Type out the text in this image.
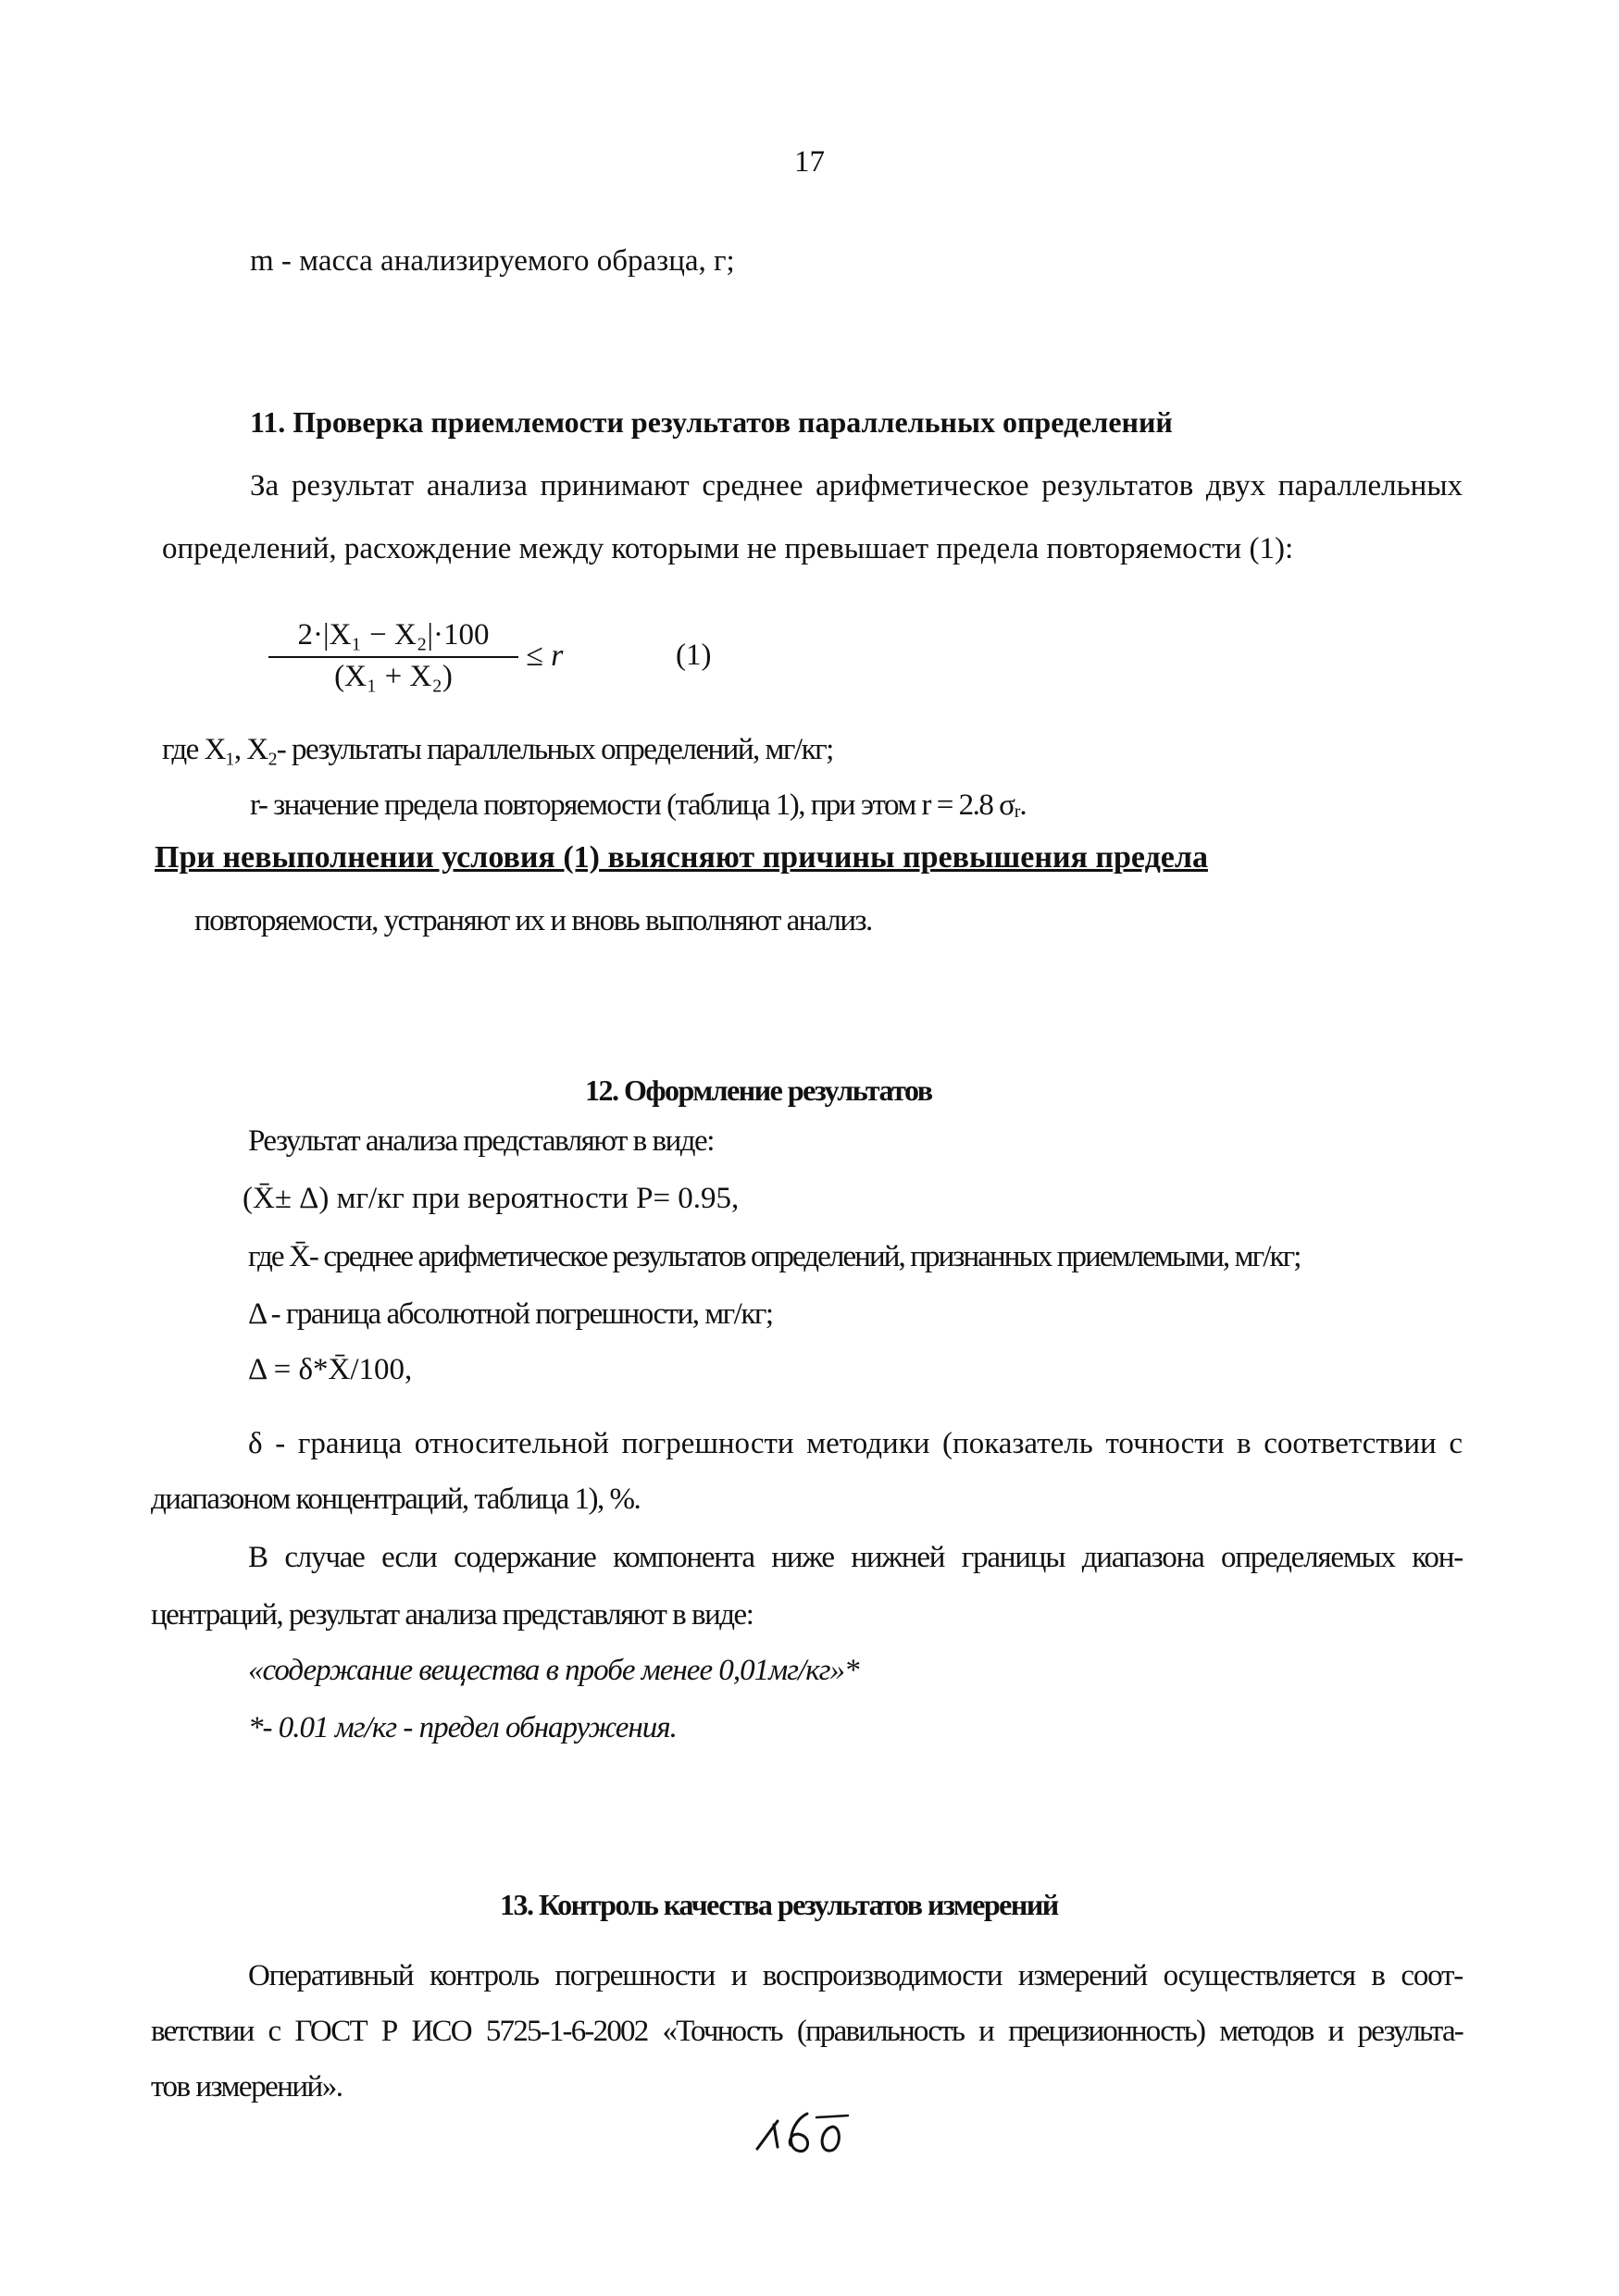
17
m - масса анализируемого образца, г;
11. Проверка приемлемости результатов параллельных определений
За результат анализа принимают среднее арифметическое результатов двух параллельных
определений, расхождение между которыми не превышает предела повторяемости (1):
$\frac{\text{2·|X₁ − X₂|·100}}{\text{(X₁ + X₂)}} \le r$	(1)
где X₁, X₂- результаты параллельных определений, мг/кг;
r- значение предела повторяемости (таблица 1), при этом r = 2.8 σᵣ.
При невыполнении условия (1) выясняют причины превышения предела
повторяемости, устраняют их и вновь выполняют анализ.
12. Оформление результатов
Результат анализа представляют в виде:
(X̄± Δ) мг/кг при вероятности P= 0.95,
где X̄- среднее арифметическое результатов определений, признанных приемлемыми, мг/кг;
Δ - граница абсолютной погрешности, мг/кг;
Δ = δ*X̄/100,
δ - граница относительной погрешности методики (показатель точности в соответствии с
диапазоном концентраций, таблица 1), %.
В случае если содержание компонента ниже нижней границы диапазона определяемых кон-
центраций, результат анализа представляют в виде:
«содержание вещества в пробе менее 0,01мг/кг»*
*- 0.01 мг/кг - предел обнаружения.
13. Контроль качества результатов измерений
Оперативный контроль погрешности и воспроизводимости измерений осуществляется в соот-
ветствии с ГОСТ Р ИСО 5725-1-6-2002 «Точность (правильность и прецизионность) методов и результа-
тов измерений».
